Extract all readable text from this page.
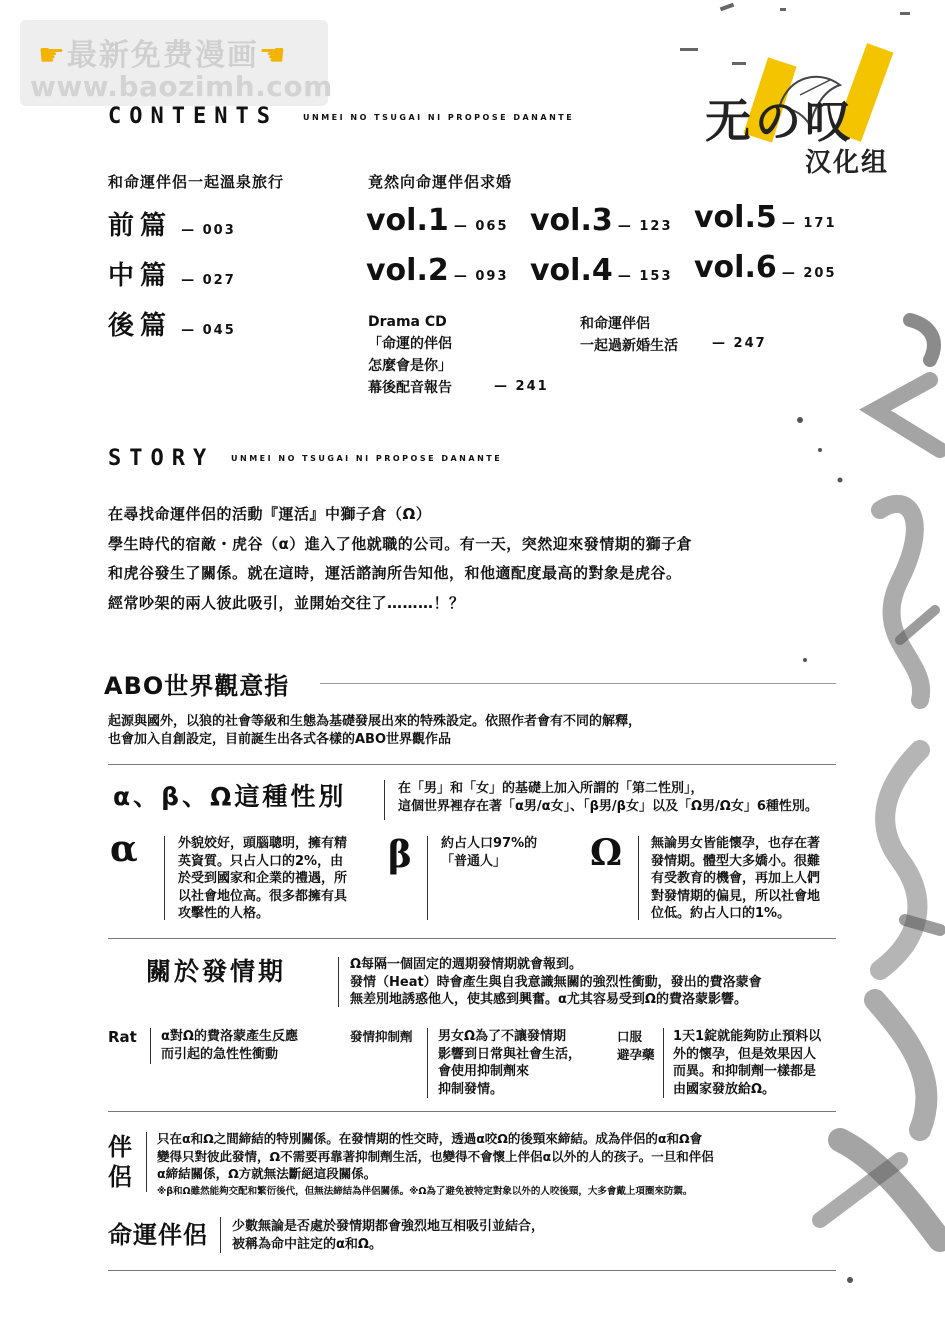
☛最新免费漫画☚
www.baozimh.com
无の叹
汉化组
CONTENTS	UNMEI NO TSUGAI NI PROPOSE DANANTE
和命運伴侶一起溫泉旅行	竟然向命運伴侶求婚
前篇 — 003
中篇 — 027
後篇 — 045
vol.1 — 065
vol.2 — 093
vol.3 — 123
vol.4 — 153
vol.5 — 171
vol.6 — 205
Drama CD
「命運的伴侶
怎麼會是你」
幕後配音報告	— 241
和命運伴侶
一起過新婚生活	— 247
STORY UNMEI NO TSUGAI NI PROPOSE DANANTE

在尋找命運伴侶的活動『運活』中獅子倉（Ω）

學生時代的宿敵・虎谷（α）進入了他就職的公司。有一天，突然迎來發情期的獅子倉

和虎谷發生了關係。就在這時，運活諮詢所告知他，和他適配度最高的對象是虎谷。

經常吵架的兩人彼此吸引，並開始交往了………！？

ABO世界觀意指
起源與國外，以狼的社會等級和生態為基礎發展出來的特殊設定。依照作者會有不同的解釋，
也會加入自創設定，目前誕生出各式各樣的ABO世界觀作品
α、β、Ω這種性別	在「男」和「女」的基礎上加入所謂的「第二性別」，
這個世界裡存在著「α男/α女」、「β男/β女」以及「Ω男/Ω女」6種性別。
α	外貌姣好，頭腦聰明，擁有精
英資質。只占人口的2%，由
於受到國家和企業的禮遇，所
以社會地位高。很多都擁有具
攻擊性的人格。
β 約占人口97%的
「普通人」	Ω 無論男女皆能懷孕，也存在著
發情期。體型大多嬌小。很難
有受教育的機會，再加上人們
對發情期的偏見，所以社會地
位低。約占人口的1%。
關於發情期	Ω每隔一個固定的週期發情期就會報到。
發情（Heat）時會產生與自我意識無關的強烈性衝動，發出的費洛蒙會
無差別地誘惑他人，使其感到興奮。α尤其容易受到Ω的費洛蒙影響。
Rat α對Ω的費洛蒙產生反應
而引起的急性性衝動
發情抑制劑 男女Ω為了不讓發情期
影響到日常與社會生活，
會使用抑制劑來
抑制發情。
口服
避孕藥
1天1錠就能夠防止預料以
外的懷孕，但是效果因人
而異。和抑制劑一樣都是
由國家發放給Ω。
伴
侶
只在α和Ω之間締結的特別關係。在發情期的性交時，透過α咬Ω的後頸來締結。成為伴侶的α和Ω會
變得只對彼此發情，Ω不需要再靠著抑制劑生活，也變得不會懷上伴侶α以外的人的孩子。一旦和伴侶
α締結關係，Ω方就無法斷絕這段關係。
※β和Ω雖然能夠交配和繁衍後代，但無法締結為伴侶關係。※Ω為了避免被特定對象以外的人咬後頸，大多會戴上項圈來防禦。
命運伴侶 少數無論是否處於發情期都會強烈地互相吸引並結合，
被稱為命中註定的α和Ω。
